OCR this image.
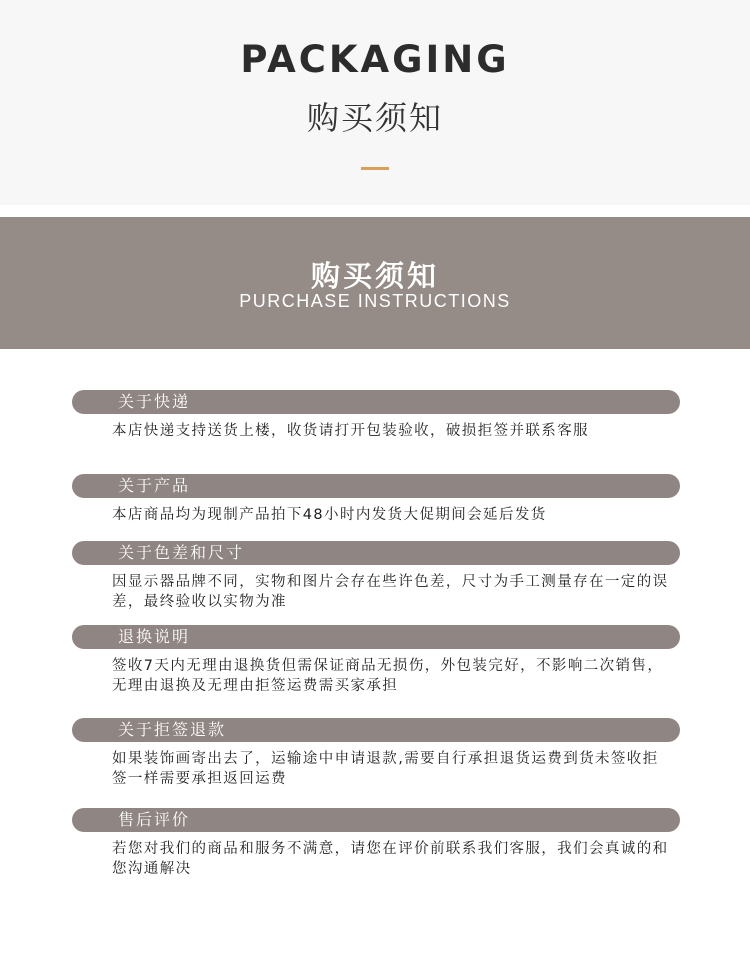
PACKAGING
购买须知
购买须知
PURCHASE INSTRUCTIONS
关于快递
本店快递支持送货上楼，收货请打开包装验收，破损拒签并联系客服
关于产品
本店商品均为现制产品拍下48小时内发货大促期间会延后发货
关于色差和尺寸
因显示器品牌不同，实物和图片会存在些许色差，尺寸为手工测量存在一定的误差，最终验收以实物为准
退换说明
签收7天内无理由退换货但需保证商品无损伤，外包装完好，不影响二次销售，无理由退换及无理由拒签运费需买家承担
关于拒签退款
如果装饰画寄出去了，运输途中申请退款,需要自行承担退货运费到货未签收拒签一样需要承担返回运费
售后评价
若您对我们的商品和服务不满意，请您在评价前联系我们客服，我们会真诚的和您沟通解决
